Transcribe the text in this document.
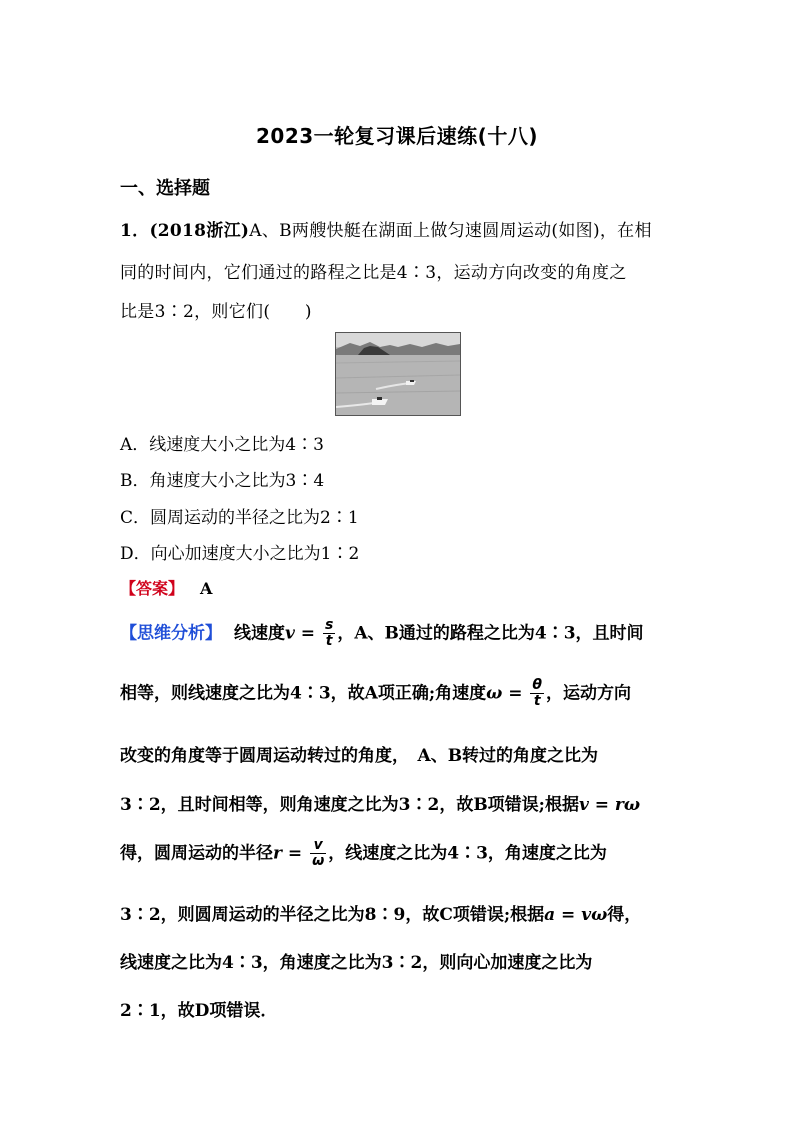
2023一轮复习课后速练(十八)
一、选择题
1．(2018浙江)A、B两艘快艇在湖面上做匀速圆周运动(如图)，在相
同的时间内，它们通过的路程之比是4∶3，运动方向改变的角度之
比是3∶2，则它们(　　)
A．线速度大小之比为4∶3
B．角速度大小之比为3∶4
C．圆周运动的半径之比为2∶1
D．向心加速度大小之比为1∶2
【答案】 A
【思维分析】 线速度$v = \frac{s}{t}$ ，A、B通过的路程之比为4∶3，且时间
相等，则线速度之比为4∶3，故A项正确;角速度$\omega = \frac{\theta}{t}$ ，运动方向
改变的角度等于圆周运动转过的角度，　A、B转过的角度之比为
3∶2，且时间相等，则角速度之比为3∶2，故B项错误;根据v = rω
得，圆周运动的半径$r = \frac{v}{\omega}$ ，线速度之比为4∶3，角速度之比为
3∶2，则圆周运动的半径之比为8∶9，故C项错误;根据a = vω得，
线速度之比为4∶3，角速度之比为3∶2，则向心加速度之比为
2∶1，故D项错误．
